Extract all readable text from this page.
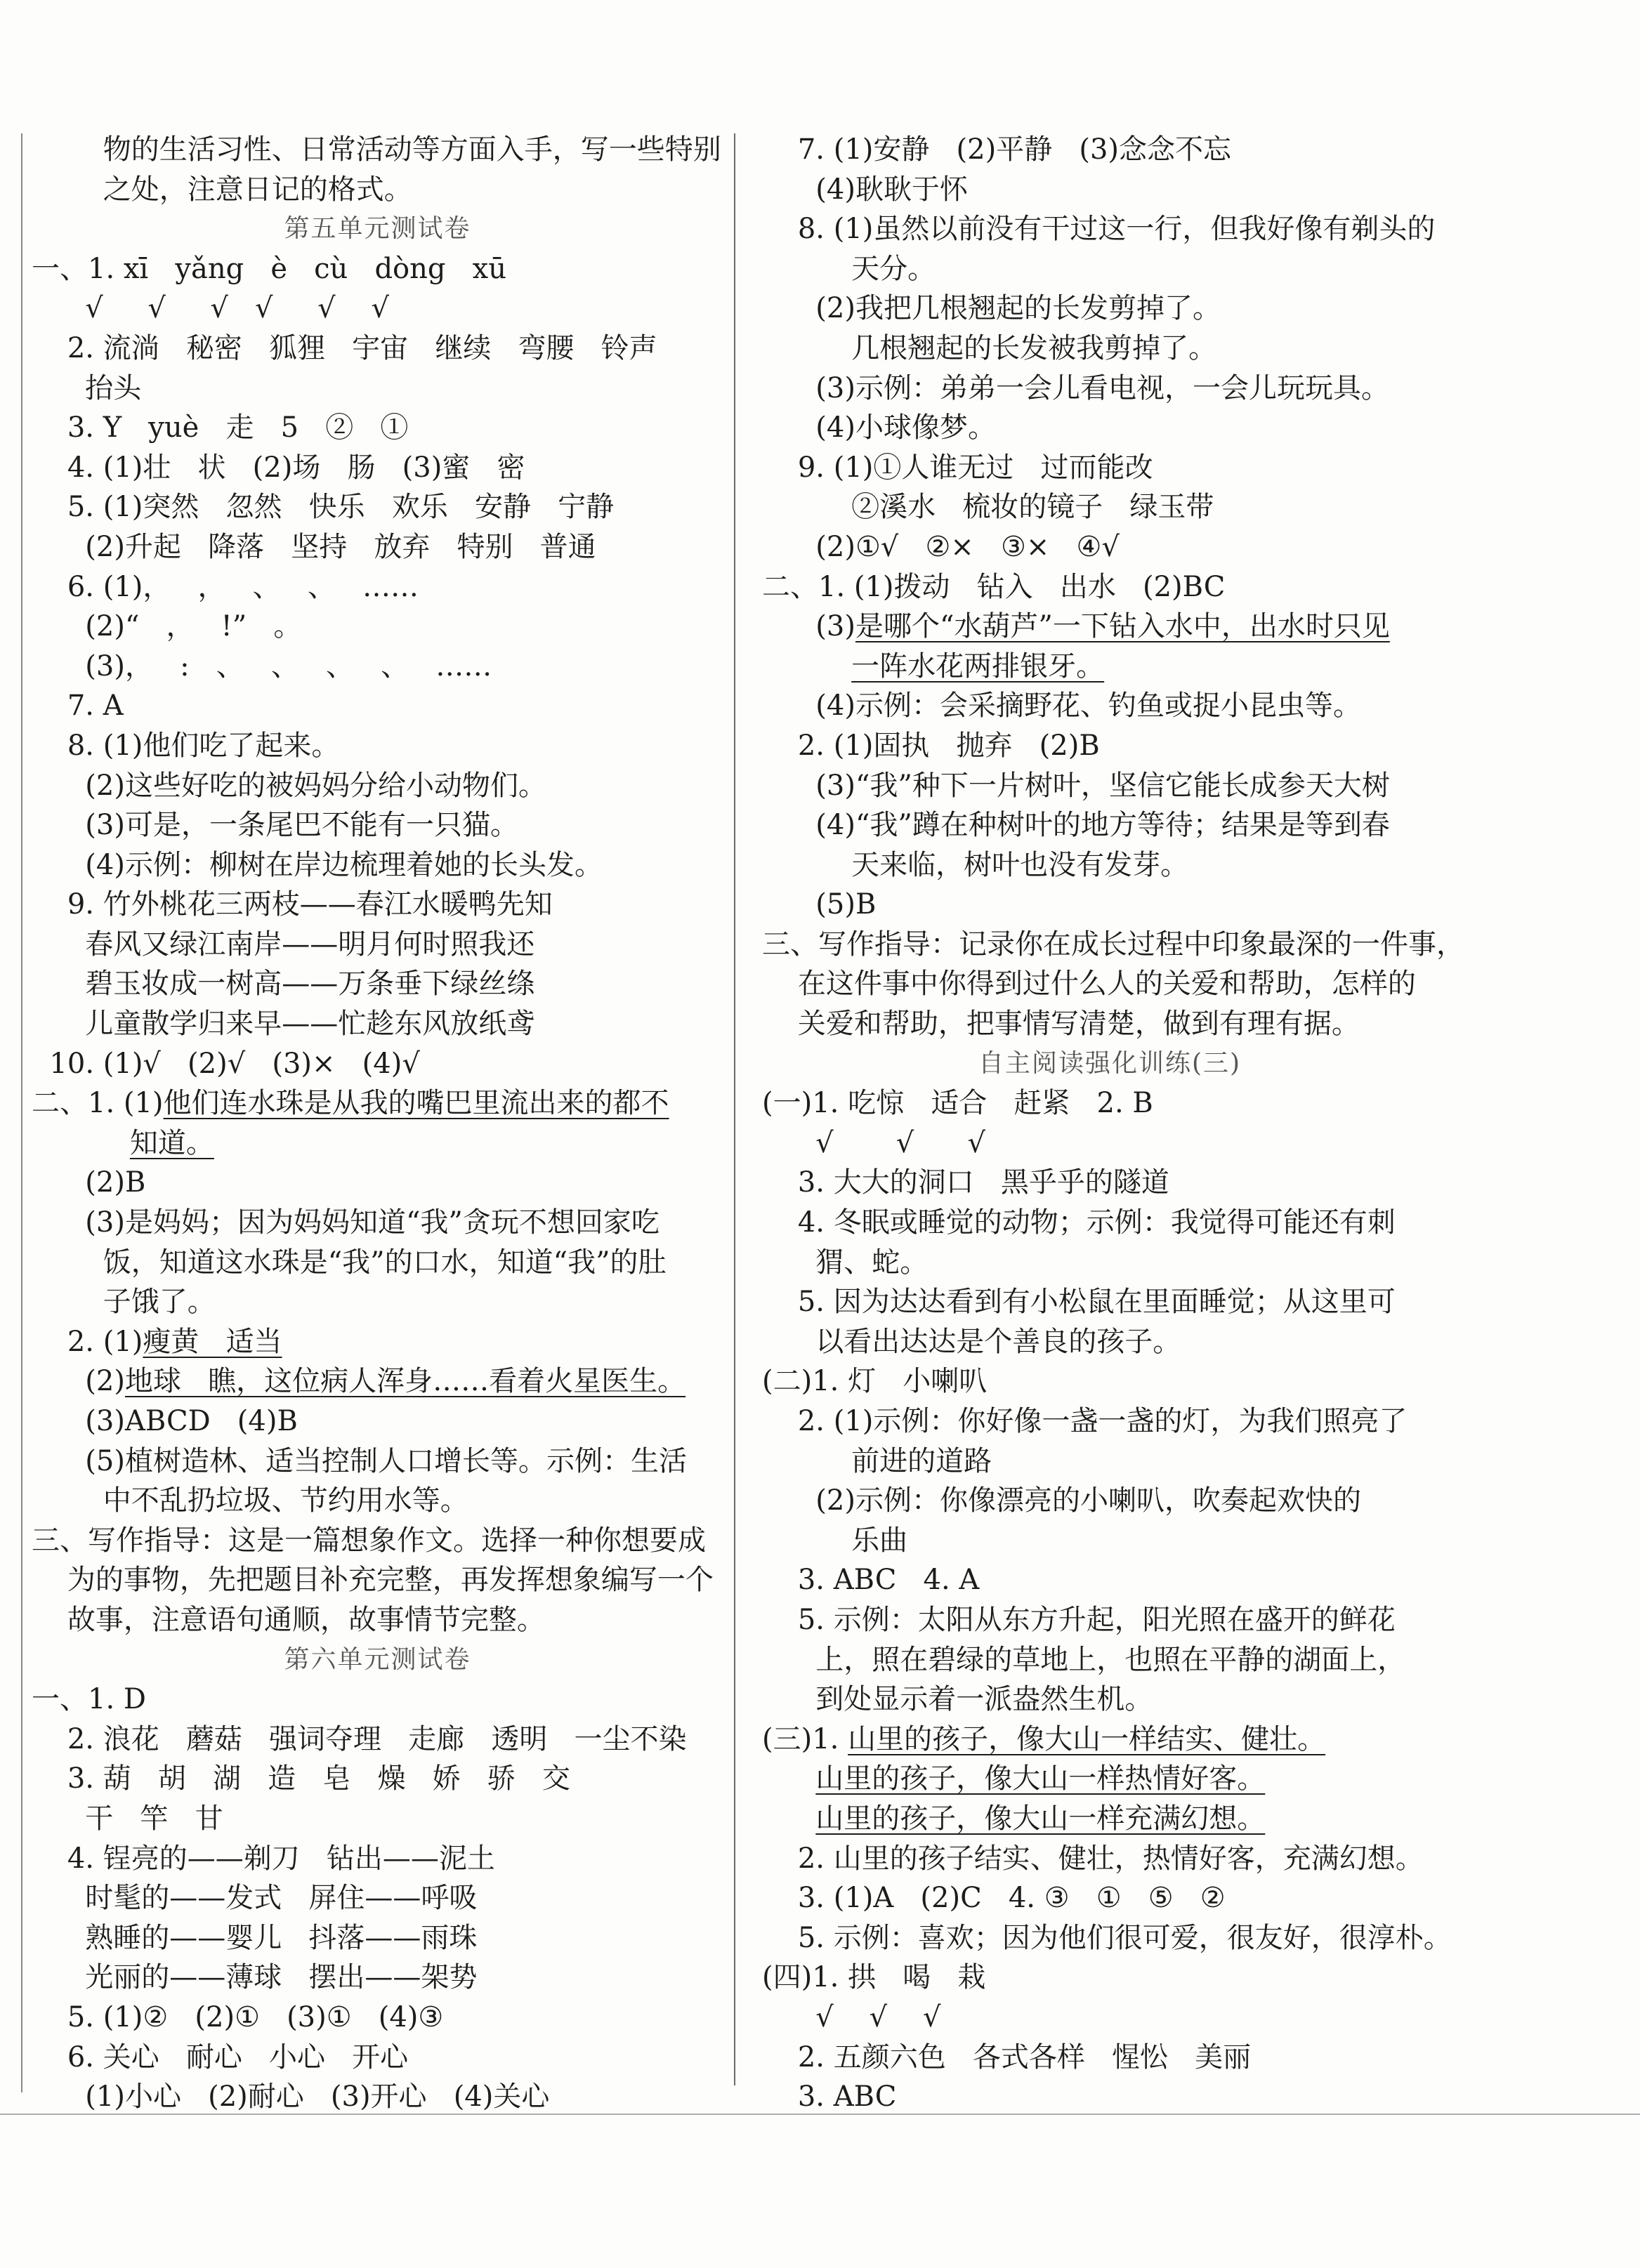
物的生活习性、日常活动等方面入手，写一些特别
之处，注意日记的格式。
第五单元测试卷
一、1. xī   yǎng   è   cù   dòng   xū
√     √     √   √     √    √
2. 流淌   秘密   狐狸   宇宙   继续   弯腰   铃声
抬头
3. Y   yuè   走   5   ②   ①
4. (1)壮   状   (2)场   肠   (3)蜜   密
5. (1)突然   忽然   快乐   欢乐   安静   宁静
(2)升起   降落   坚持   放弃   特别   普通
6. (1)，   ，   、   、   ……
(2)“   ，   !”   。
(3)，   :   、   、   、   、   ……
7. A
8. (1)他们吃了起来。
(2)这些好吃的被妈妈分给小动物们。
(3)可是，一条尾巴不能有一只猫。
(4)示例：柳树在岸边梳理着她的长头发。
9. 竹外桃花三两枝——春江水暖鸭先知
春风又绿江南岸——明月何时照我还
碧玉妆成一树高——万条垂下绿丝绦
儿童散学归来早——忙趁东风放纸鸢
10. (1)√   (2)√   (3)×   (4)√
二、1. (1)他们连水珠是从我的嘴巴里流出来的都不
知道。
(2)B
(3)是妈妈；因为妈妈知道“我”贪玩不想回家吃
饭，知道这水珠是“我”的口水，知道“我”的肚
子饿了。
2. (1)瘦黄   适当
(2)地球   瞧，这位病人浑身……看着火星医生。
(3)ABCD   (4)B
(5)植树造林、适当控制人口增长等。示例：生活
中不乱扔垃圾、节约用水等。
三、写作指导：这是一篇想象作文。选择一种你想要成
为的事物，先把题目补充完整，再发挥想象编写一个
故事，注意语句通顺，故事情节完整。
第六单元测试卷
一、1. D
2. 浪花   蘑菇   强词夺理   走廊   透明   一尘不染
3. 葫   胡   湖   造   皂   燥   娇   骄   交
干   竿   甘
4. 锃亮的——剃刀   钻出——泥土
时髦的——发式   屏住——呼吸
熟睡的——婴儿   抖落——雨珠
光丽的——薄球   摆出——架势
5. (1)②   (2)①   (3)①   (4)③
6. 关心   耐心   小心   开心
(1)小心   (2)耐心   (3)开心   (4)关心
7. (1)安静   (2)平静   (3)念念不忘
(4)耿耿于怀
8. (1)虽然以前没有干过这一行，但我好像有剃头的
天分。
(2)我把几根翘起的长发剪掉了。
几根翘起的长发被我剪掉了。
(3)示例：弟弟一会儿看电视，一会儿玩玩具。
(4)小球像梦。
9. (1)①人谁无过   过而能改
②溪水   梳妆的镜子   绿玉带
(2)①√   ②×   ③×   ④√
二、1. (1)拨动   钻入   出水   (2)BC
(3)是哪个“水葫芦”一下钻入水中，出水时只见
一阵水花两排银牙。
(4)示例：会采摘野花、钓鱼或捉小昆虫等。
2. (1)固执   抛弃   (2)B
(3)“我”种下一片树叶，坚信它能长成参天大树
(4)“我”蹲在种树叶的地方等待；结果是等到春
天来临，树叶也没有发芽。
(5)B
三、写作指导：记录你在成长过程中印象最深的一件事，
在这件事中你得到过什么人的关爱和帮助，怎样的
关爱和帮助，把事情写清楚，做到有理有据。
自主阅读强化训练(三)
(一)1. 吃惊   适合   赶紧   2. B
√       √      √
3. 大大的洞口   黑乎乎的隧道
4. 冬眠或睡觉的动物；示例：我觉得可能还有刺
猬、蛇。
5. 因为达达看到有小松鼠在里面睡觉；从这里可
以看出达达是个善良的孩子。
(二)1. 灯   小喇叭
2. (1)示例：你好像一盏一盏的灯，为我们照亮了
前进的道路
(2)示例：你像漂亮的小喇叭，吹奏起欢快的
乐曲
3. ABC   4. A
5. 示例：太阳从东方升起，阳光照在盛开的鲜花
上，照在碧绿的草地上，也照在平静的湖面上，
到处显示着一派盎然生机。
(三)1. 山里的孩子，像大山一样结实、健壮。
山里的孩子，像大山一样热情好客。
山里的孩子，像大山一样充满幻想。
2. 山里的孩子结实、健壮，热情好客，充满幻想。
3. (1)A   (2)C   4. ③   ①   ⑤   ②
5. 示例：喜欢；因为他们很可爱，很友好，很淳朴。
(四)1. 拱   喝   栽
√    √    √
2. 五颜六色   各式各样   惺忪   美丽
3. ABC
